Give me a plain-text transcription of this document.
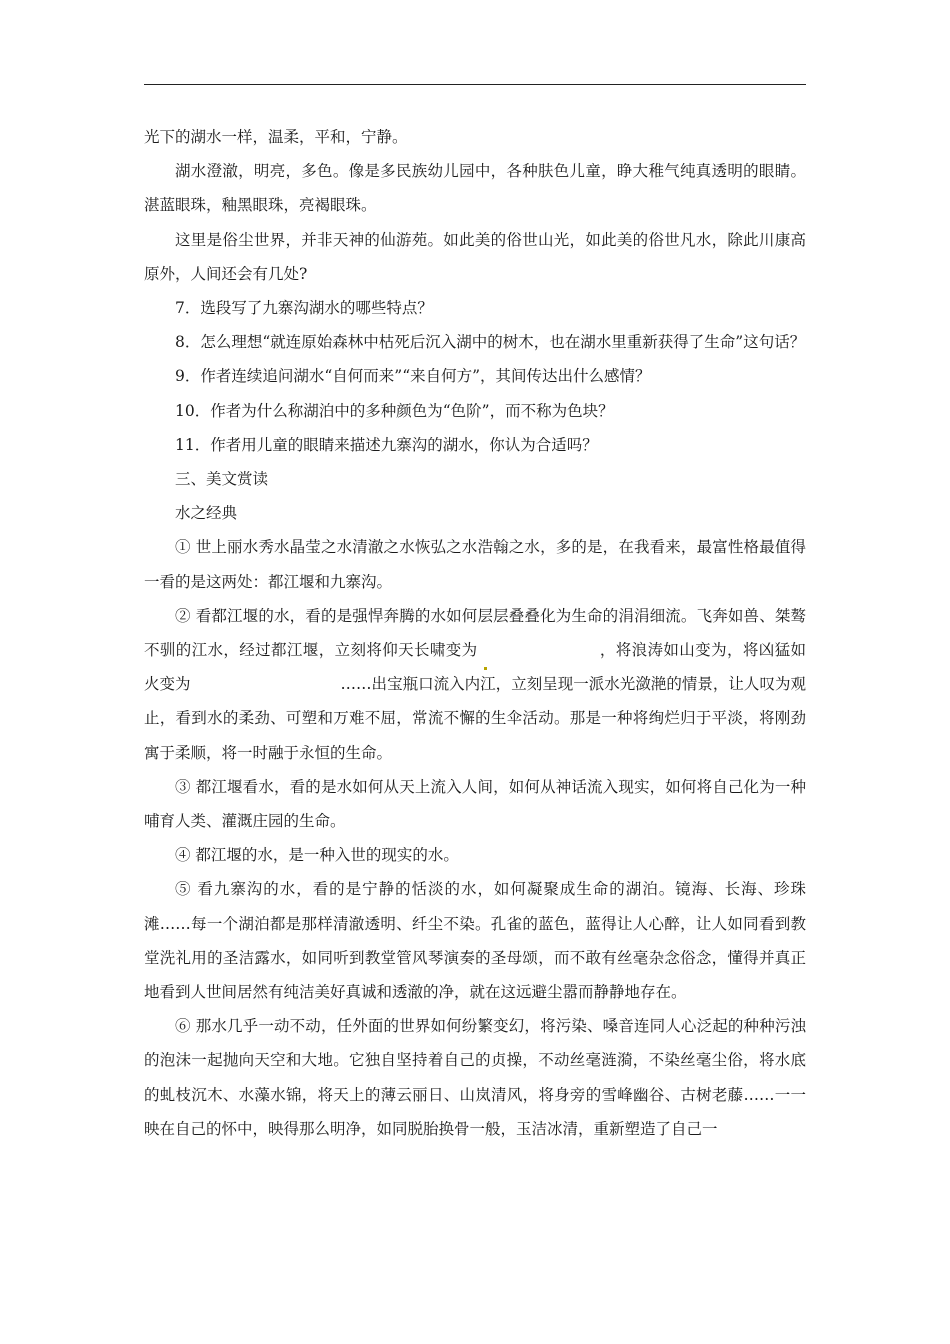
光下的湖水一样，温柔，平和，宁静。

湖水澄澈，明亮，多色。像是多民族幼儿园中，各种肤色儿童，睁大稚气纯真透明的眼睛。湛蓝眼珠，釉黑眼珠，亮褐眼珠。

这里是俗尘世界，并非天神的仙游苑。如此美的俗世山光，如此美的俗世凡水，除此川康高原外，人间还会有几处?

7．选段写了九寨沟湖水的哪些特点？

8．怎么理想“就连原始森林中枯死后沉入湖中的树木，也在湖水里重新获得了生命”这句话？

9．作者连续追问湖水“自何而来”“来自何方”，其间传达出什么感情？

10．作者为什么称湖泊中的多种颜色为“色阶”，而不称为色块？

11．作者用儿童的眼睛来描述九寨沟的湖水，你认为合适吗？

三、美文赏读

水之经典

① 世上丽水秀水晶莹之水清澈之水恢弘之水浩翰之水，多的是，在我看来，最富性格最值得一看的是这两处：都江堰和九寨沟。

② 看都江堰的水，看的是强悍奔腾的水如何层层叠叠化为生命的涓涓细流。飞奔如兽、桀骜不驯的江水，经过都江堰，立刻将仰天长啸变为	，将浪涛如山变为，将凶猛如火变为	……出宝瓶口流入内江，立刻呈现一派水光潋滟的情景，让人叹为观止，看到水的柔劲、可塑和万难不屈，常流不懈的生伞活动。那是一种将绚烂归于平淡，将刚劲寓于柔顺，将一时融于永恒的生命。

③ 都江堰看水，看的是水如何从天上流入人间，如何从神话流入现实，如何将自己化为一种哺育人类、灌溉庄园的生命。

④ 都江堰的水，是一种入世的现实的水。

⑤ 看九寨沟的水，看的是宁静的恬淡的水，如何凝聚成生命的湖泊。镜海、长海、珍珠滩……每一个湖泊都是那样清澈透明、纤尘不染。孔雀的蓝色，蓝得让人心醉，让人如同看到教堂洗礼用的圣洁露水，如同听到教堂管风琴演奏的圣母颂，而不敢有丝毫杂念俗念，懂得并真正地看到人世间居然有纯洁美好真诚和透澈的净，就在这远避尘嚣而静静地存在。

⑥ 那水几乎一动不动，任外面的世界如何纷繁变幻，将污染、嗓音连同人心泛起的种种污浊的泡沫一起抛向天空和大地。它独自坚持着自己的贞操，不动丝毫涟漪，不染丝毫尘俗，将水底的虬枝沉木、水藻水锦，将天上的薄云丽日、山岚清风，将身旁的雪峰幽谷、古树老藤……一一映在自己的怀中，映得那么明净，如同脱胎换骨一般，玉洁冰清，重新塑造了自己一
